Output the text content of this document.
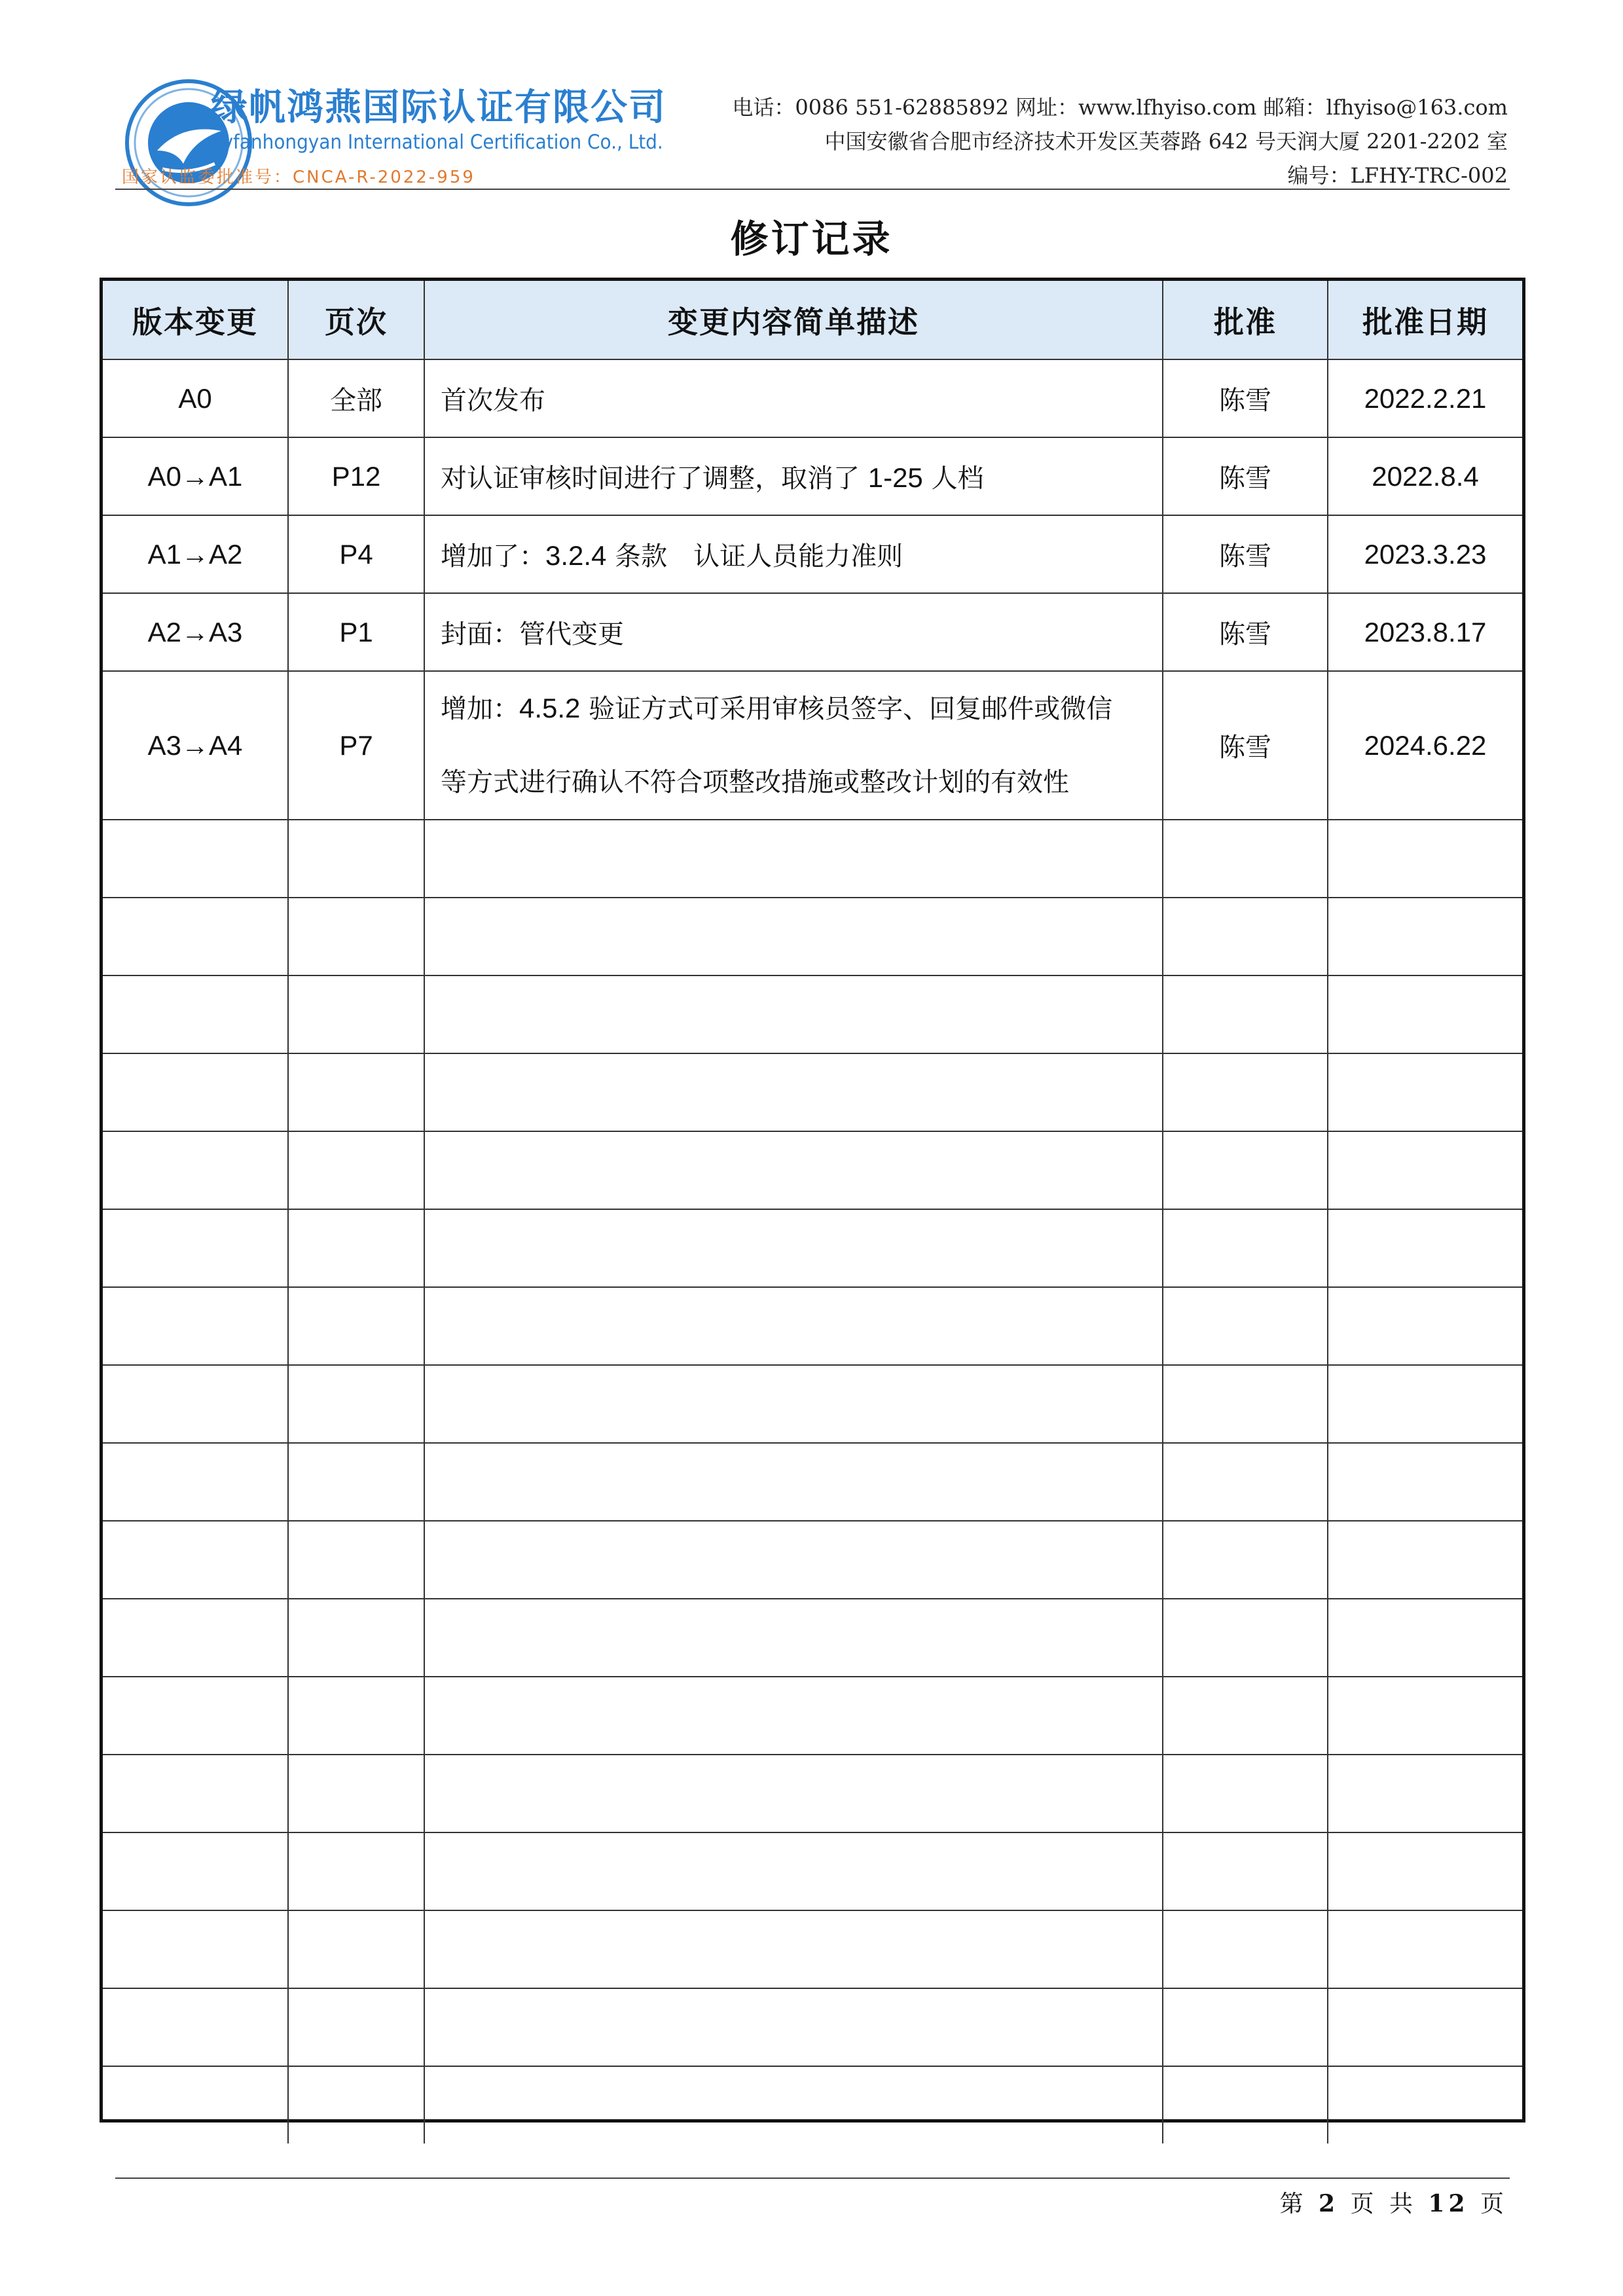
绿帆鸿燕国际认证有限公司
Lvfanhongyan International Certification Co., Ltd.
国家认监委批准号：CNCA-R-2022-959
电话：0086 551-62885892 网址：www.lfhyiso.com 邮箱：lfhyiso@163.com
中国安徽省合肥市经济技术开发区芙蓉路 642 号天润大厦 2201-2202 室
编号：LFHY-TRC-002
修订记录
版本变更	页次	变更内容简单描述	批准	批准日期
A0	全部	首次发布	陈雪	2022.2.21
A0→A1	P12	对认证审核时间进行了调整，取消了 1-25 人档	陈雪	2022.8.4
A1→A2	P4	增加了：3.2.4 条款　认证人员能力准则	陈雪	2023.3.23
A2→A3	P1	封面：管代变更	陈雪	2023.8.17
A3→A4	P7	增加：4.5.2 验证方式可采用审核员签字、回复邮件或微信
等方式进行确认不符合项整改措施或整改计划的有效性	陈雪	2024.6.22

第 2 页 共 12 页
